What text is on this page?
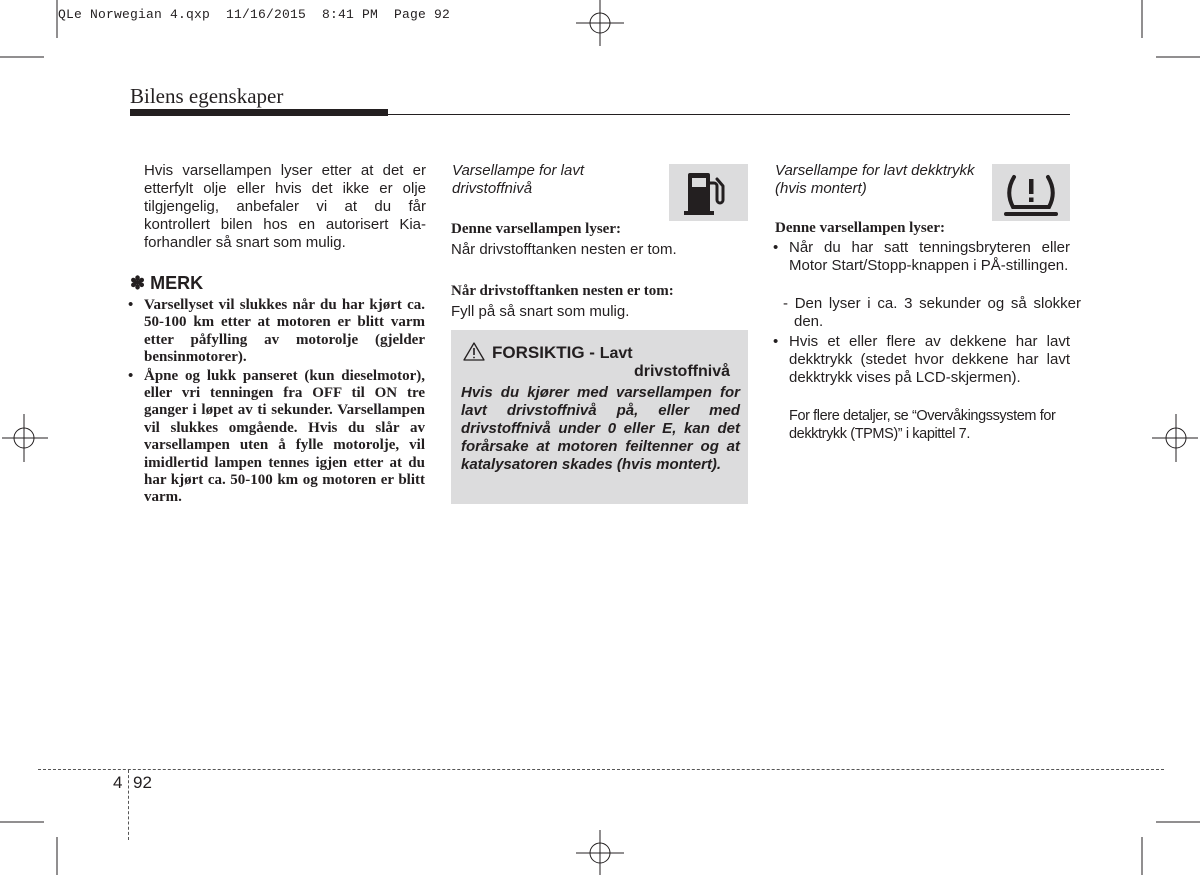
QLe Norwegian 4.qxp  11/16/2015  8:41 PM  Page 92
Bilens egenskaper
Hvis varsellampen lyser etter at det er etterfylt olje eller hvis det ikke er olje tilgjengelig, anbefaler vi at du får kontrollert bilen hos en autorisert Kia-forhandler så snart som mulig.
✽ MERK
• Varsellyset vil slukkes når du har kjørt ca. 50-100 km etter at motoren er blitt varm etter påfylling av motorolje (gjelder bensinmotorer).
• Åpne og lukk panseret (kun dieselmotor), eller vri tenningen fra OFF til ON tre ganger i løpet av ti sekunder. Varsellampen vil slukkes omgående. Hvis du slår av varsellampen uten å fylle motorolje, vil imidlertid lampen tennes igjen etter at du har kjørt ca. 50-100 km og motoren er blitt varm.
Varsellampe for lavt drivstoffnivå
Denne varsellampen lyser:
Når drivstofftanken nesten er tom.
Når drivstofftanken nesten er tom:
Fyll på så snart som mulig.
FORSIKTIG - Lavt
drivstoffnivå
Hvis du kjører med varsellampen for lavt drivstoffnivå på, eller med drivstoffnivå under 0 eller E, kan det forårsake at motoren feiltenner og at katalysatoren skades (hvis montert).
Varsellampe for lavt dekktrykk (hvis montert)
Denne varsellampen lyser:
• Når du har satt tenningsbryteren eller Motor Start/Stopp-knappen i PÅ-stillingen.
- Den lyser i ca. 3 sekunder og så slokker den.
• Hvis et eller flere av dekkene har lavt dekktrykk (stedet hvor dekkene har lavt dekktrykk vises på LCD-skjermen).
For flere detaljer, se “Overvåkingssystem for dekktrykk (TPMS)” i kapittel 7.
4 92
